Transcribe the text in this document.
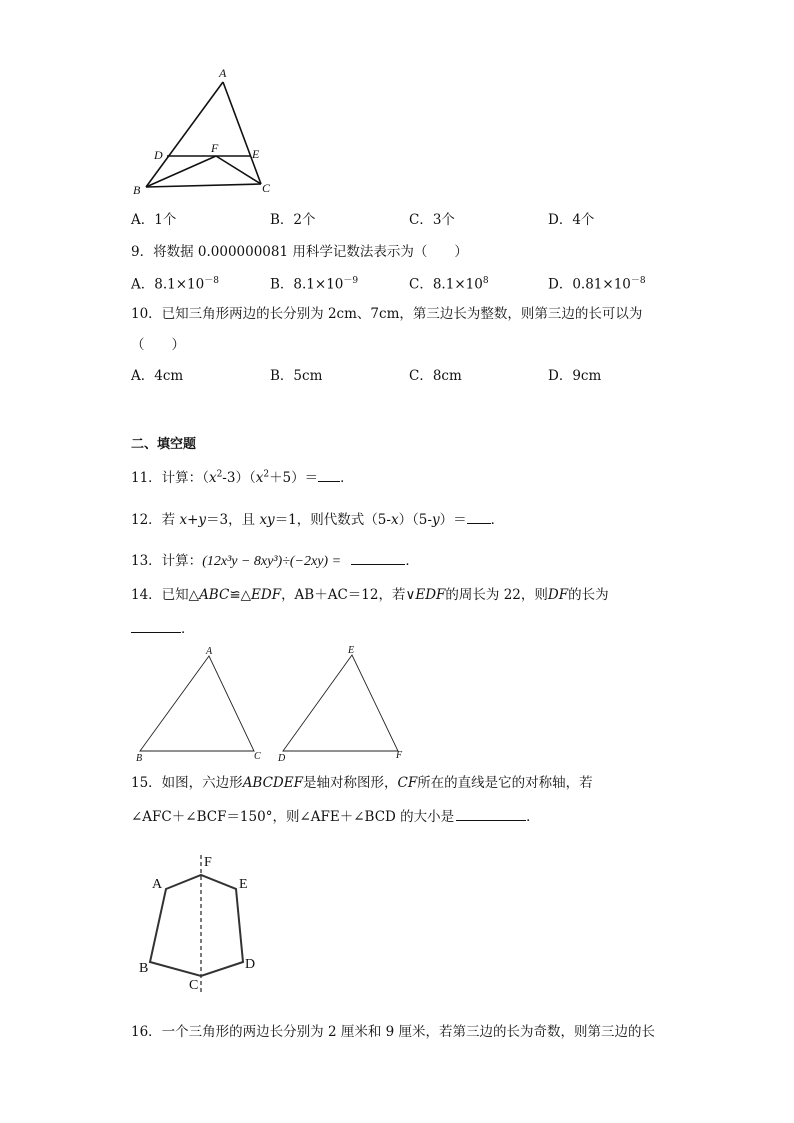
A
D	F	E
B	C
A．1个	B．2个	C．3个	D．4个
9．将数据 0.000000081 用科学记数法表示为（　　）
A．$8.1\times 10^{-8}$	B．$8.1\times 10^{-9}$	C．$8.1\times 10^8$	D．$0.81\times 10^{-8}$
10．已知三角形两边的长分别为 2cm、7cm，第三边长为整数，则第三边的长可以为
（　　）
A．4cm	B．5cm	C．8cm	D．9cm
二、填空题
11．计算：$(x^2-3)(x^2+5)=$ ．
12．若 x+y＝3，且 xy＝1，则代数式（5-x）（5-y）＝ ．
13．计算：(12x³y − 8xy³)÷(−2xy) =	．
14．已知△ABC≌△EDF，AB＋AC＝12，若∨EDF的周长为 22，则DF的长为
．
A
B	C
E
D	F
15．如图，六边形ABCDEF是轴对称图形，CF所在的直线是它的对称轴，若
∠AFC＋∠BCF＝150°，则∠AFE＋∠BCD 的大小是	．
F
A	E
B	D
C
16．一个三角形的两边长分别为 2 厘米和 9 厘米，若第三边的长为奇数，则第三边的长
